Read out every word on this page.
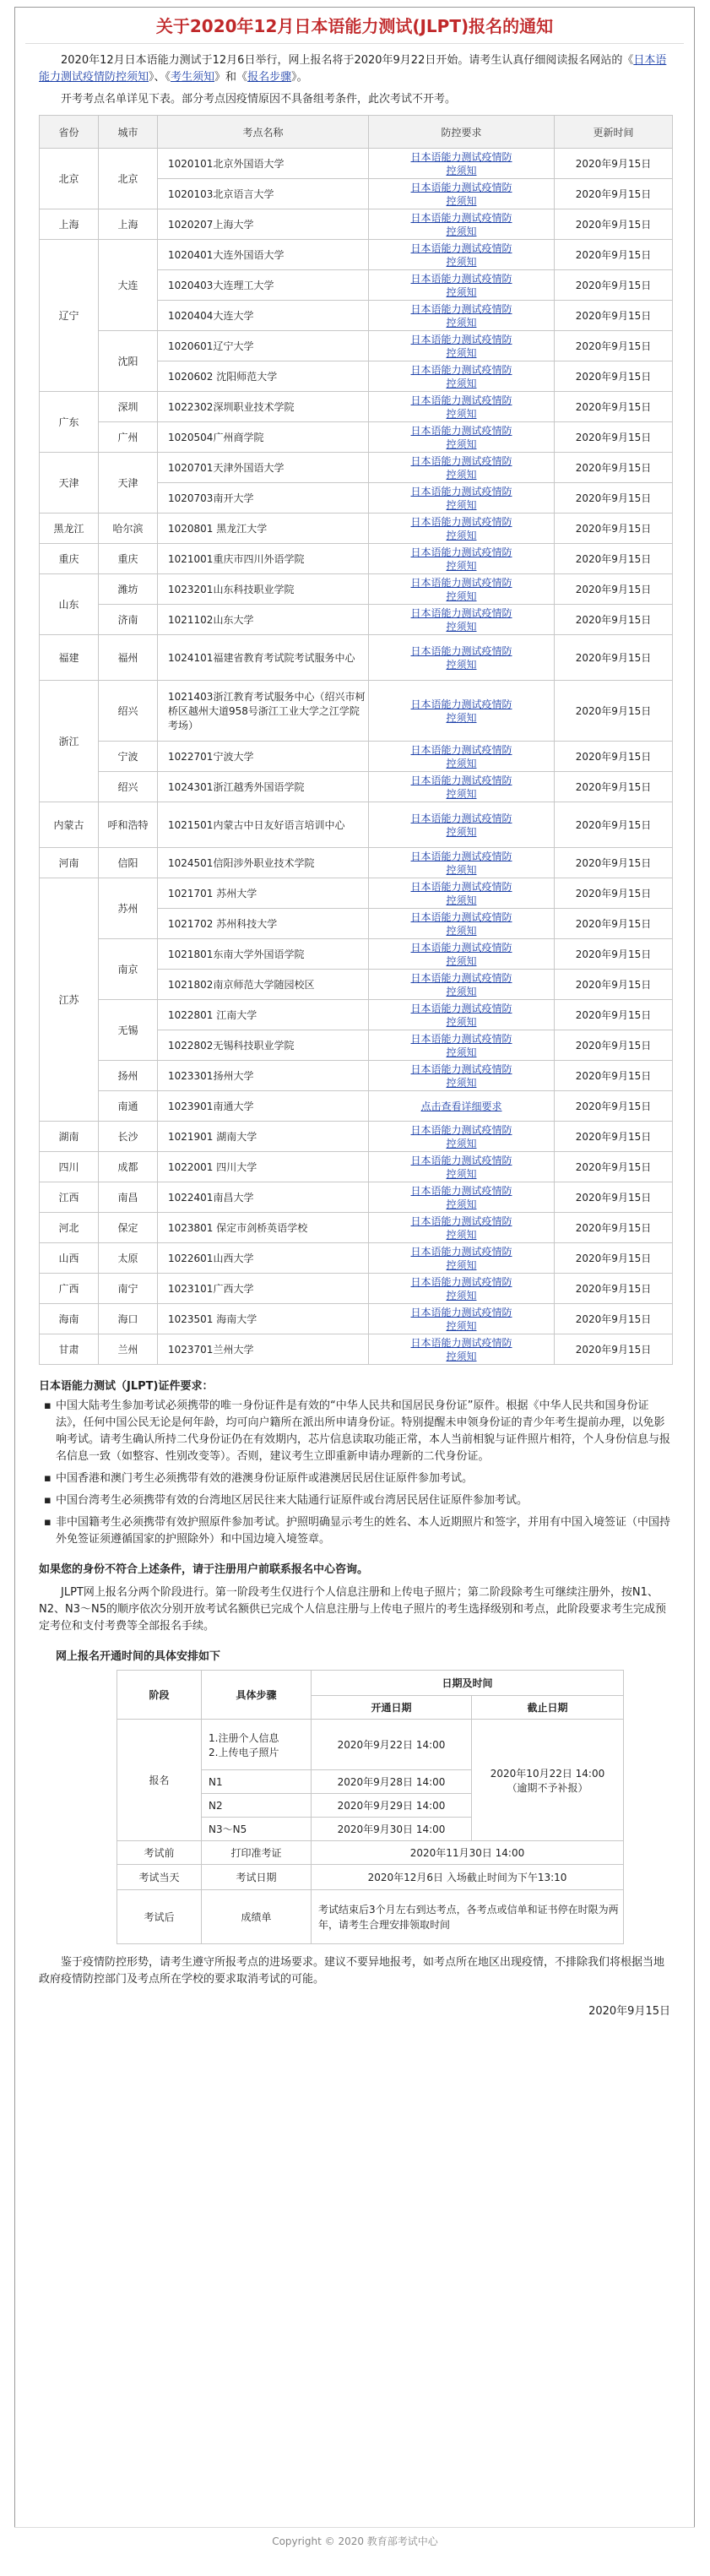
关于2020年12月日本语能力测试(JLPT)报名的通知

2020年12月日本语能力测试于12月6日举行，网上报名将于2020年9月22日开始。请考生认真仔细阅读报名网站的《日本语能力测试疫情防控须知》、《考生须知》和《报名步骤》。

开考考点名单详见下表。部分考点因疫情原因不具备组考条件，此次考试不开考。

省份	城市	考点名称	防控要求	更新时间
北京	北京	1020101北京外国语大学	日本语能力测试疫情防控须知	2020年9月15日
		1020103北京语言大学	日本语能力测试疫情防控须知	2020年9月15日
上海	上海	1020207上海大学	日本语能力测试疫情防控须知	2020年9月15日
辽宁	大连	1020401大连外国语大学	日本语能力测试疫情防控须知	2020年9月15日
		1020403大连理工大学	日本语能力测试疫情防控须知	2020年9月15日
		1020404大连大学	日本语能力测试疫情防控须知	2020年9月15日
	沈阳	1020601辽宁大学	日本语能力测试疫情防控须知	2020年9月15日
		1020602 沈阳师范大学	日本语能力测试疫情防控须知	2020年9月15日
广东	深圳	1022302深圳职业技术学院	日本语能力测试疫情防控须知	2020年9月15日
	广州	1020504广州商学院	日本语能力测试疫情防控须知	2020年9月15日
天津	天津	1020701天津外国语大学	日本语能力测试疫情防控须知	2020年9月15日
		1020703南开大学	日本语能力测试疫情防控须知	2020年9月15日
黑龙江	哈尔滨	1020801 黑龙江大学	日本语能力测试疫情防控须知	2020年9月15日
重庆	重庆	1021001重庆市四川外语学院	日本语能力测试疫情防控须知	2020年9月15日
山东	潍坊	1023201山东科技职业学院	日本语能力测试疫情防控须知	2020年9月15日
	济南	1021102山东大学	日本语能力测试疫情防控须知	2020年9月15日
福建	福州	1024101福建省教育考试院考试服务中心	日本语能力测试疫情防控须知	2020年9月15日
浙江	绍兴	1021403浙江教育考试服务中心（绍兴市柯桥区越州大道958号浙江工业大学之江学院考场）	日本语能力测试疫情防控须知	2020年9月15日
	宁波	1022701宁波大学	日本语能力测试疫情防控须知	2020年9月15日
	绍兴	1024301浙江越秀外国语学院	日本语能力测试疫情防控须知	2020年9月15日
内蒙古	呼和浩特	1021501内蒙古中日友好语言培训中心	日本语能力测试疫情防控须知	2020年9月15日
河南	信阳	1024501信阳涉外职业技术学院	日本语能力测试疫情防控须知	2020年9月15日
江苏	苏州	1021701 苏州大学	日本语能力测试疫情防控须知	2020年9月15日
		1021702 苏州科技大学	日本语能力测试疫情防控须知	2020年9月15日
	南京	1021801东南大学外国语学院	日本语能力测试疫情防控须知	2020年9月15日
		1021802南京师范大学随园校区	日本语能力测试疫情防控须知	2020年9月15日
	无锡	1022801 江南大学	日本语能力测试疫情防控须知	2020年9月15日
		1022802无锡科技职业学院	日本语能力测试疫情防控须知	2020年9月15日
	扬州	1023301扬州大学	日本语能力测试疫情防控须知	2020年9月15日
	南通	1023901南通大学	点击查看详细要求	2020年9月15日
湖南	长沙	1021901 湖南大学	日本语能力测试疫情防控须知	2020年9月15日
四川	成都	1022001 四川大学	日本语能力测试疫情防控须知	2020年9月15日
江西	南昌	1022401南昌大学	日本语能力测试疫情防控须知	2020年9月15日
河北	保定	1023801 保定市剑桥英语学校	日本语能力测试疫情防控须知	2020年9月15日
山西	太原	1022601山西大学	日本语能力测试疫情防控须知	2020年9月15日
广西	南宁	1023101广西大学	日本语能力测试疫情防控须知	2020年9月15日
海南	海口	1023501 海南大学	日本语能力测试疫情防控须知	2020年9月15日
甘肃	兰州	1023701兰州大学	日本语能力测试疫情防控须知	2020年9月15日
日本语能力测试（JLPT)证件要求：
▪ 中国大陆考生参加考试必须携带的唯一身份证件是有效的“中华人民共和国居民身份证”原件。根据《中华人民共和国身份证法》，任何中国公民无论是何年龄，均可向户籍所在派出所申请身份证。特别提醒未申领身份证的青少年考生提前办理，以免影响考试。请考生确认所持二代身份证仍在有效期内，芯片信息读取功能正常，本人当前相貌与证件照片相符，个人身份信息与报名信息一致（如整容、性别改变等）。否则，建议考生立即重新申请办理新的二代身份证。
▪ 中国香港和澳门考生必须携带有效的港澳身份证原件或港澳居民居住证原件参加考试。
▪ 中国台湾考生必须携带有效的台湾地区居民往来大陆通行证原件或台湾居民居住证原件参加考试。
▪ 非中国籍考生必须携带有效护照原件参加考试。护照明确显示考生的姓名、本人近期照片和签字，并用有中国入境签证（中国持外免签证须遵循国家的护照除外）和中国边境入境签章。
如果您的身份不符合上述条件，请于注册用户前联系报名中心咨询。
JLPT网上报名分两个阶段进行。第一阶段考生仅进行个人信息注册和上传电子照片；第二阶段除考生可继续注册外，按N1、N2、N3～N5的顺序依次分别开放考试名额供已完成个人信息注册与上传电子照片的考生选择级别和考点，此阶段要求考生完成预定考位和支付考费等全部报名手续。
网上报名开通时间的具体安排如下
阶段	具体步骤	日期及时间	
		开通日期	截止日期
报名	1.注册个人信息
2.上传电子照片	2020年9月22日 14:00	2020年10月22日 14:00
（逾期不予补报）
	N1	2020年9月28日 14:00	
	N2	2020年9月29日 14:00	
	N3～N5	2020年9月30日 14:00	
考试前	打印准考证	2020年11月30日 14:00	
考试当天	考试日期	2020年12月6日 入场截止时间为下午13:10	
考试后	成绩单	考试结束后3个月左右到达考点，各考点或信单和证书停在时限为两年，请考生合理安排领取时间	
鉴于疫情防控形势，请考生遵守所报考点的进场要求。建议不要异地报考，如考点所在地区出现疫情，不排除我们将根据当地政府疫情防控部门及考点所在学校的要求取消考试的可能。
2020年9月15日
Copyright © 2020 教育部考试中心
